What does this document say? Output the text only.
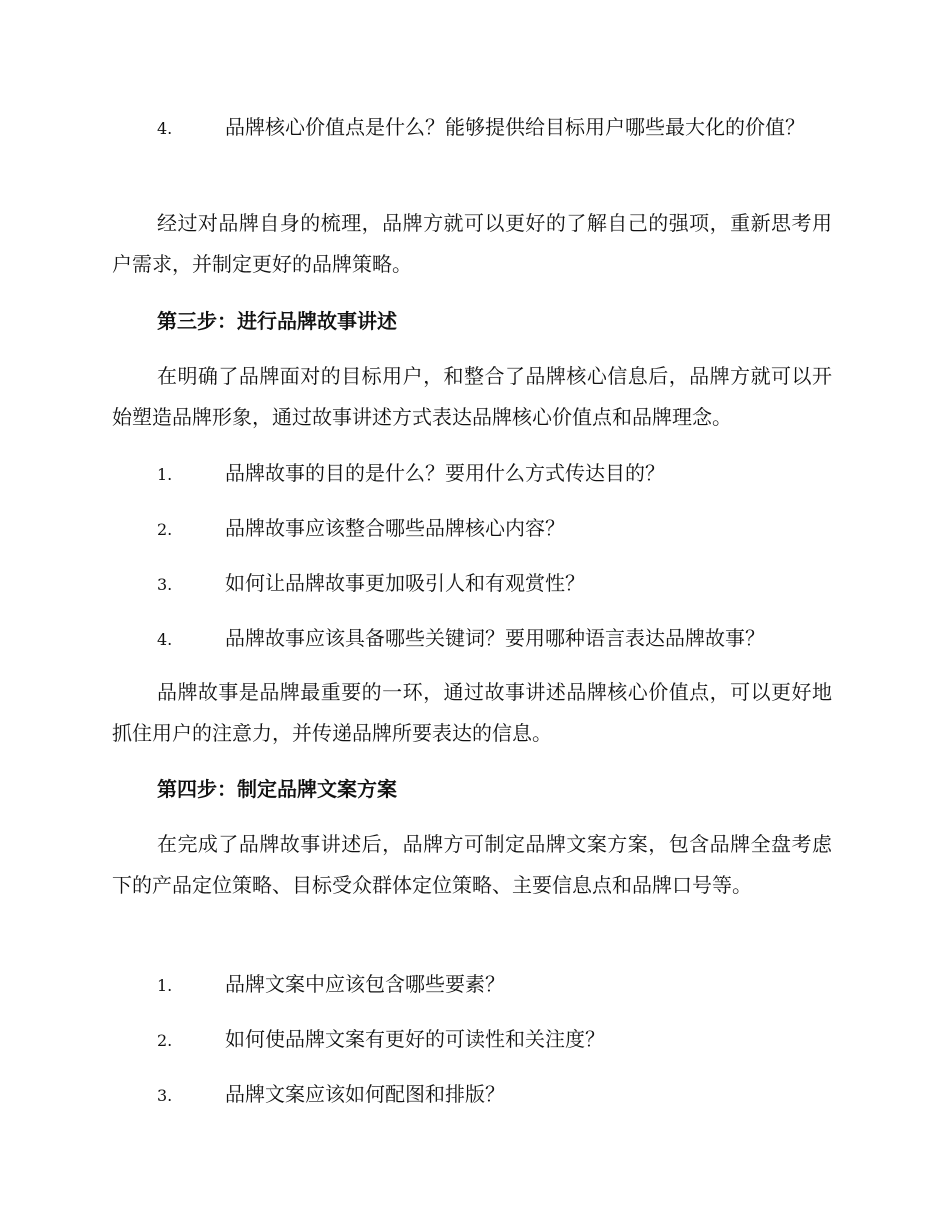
4.	品牌核心价值点是什么？能够提供给目标用户哪些最大化的价值？
经过对品牌自身的梳理，品牌方就可以更好的了解自己的强项，重新思考用户需求，并制定更好的品牌策略。
第三步：进行品牌故事讲述
在明确了品牌面对的目标用户，和整合了品牌核心信息后，品牌方就可以开始塑造品牌形象，通过故事讲述方式表达品牌核心价值点和品牌理念。
1.	品牌故事的目的是什么？要用什么方式传达目的？
2.	品牌故事应该整合哪些品牌核心内容？
3.	如何让品牌故事更加吸引人和有观赏性？
4.	品牌故事应该具备哪些关键词？要用哪种语言表达品牌故事？
品牌故事是品牌最重要的一环，通过故事讲述品牌核心价值点，可以更好地抓住用户的注意力，并传递品牌所要表达的信息。
第四步：制定品牌文案方案
在完成了品牌故事讲述后，品牌方可制定品牌文案方案，包含品牌全盘考虑下的产品定位策略、目标受众群体定位策略、主要信息点和品牌口号等。
1.	品牌文案中应该包含哪些要素？
2.	如何使品牌文案有更好的可读性和关注度？
3.	品牌文案应该如何配图和排版？
